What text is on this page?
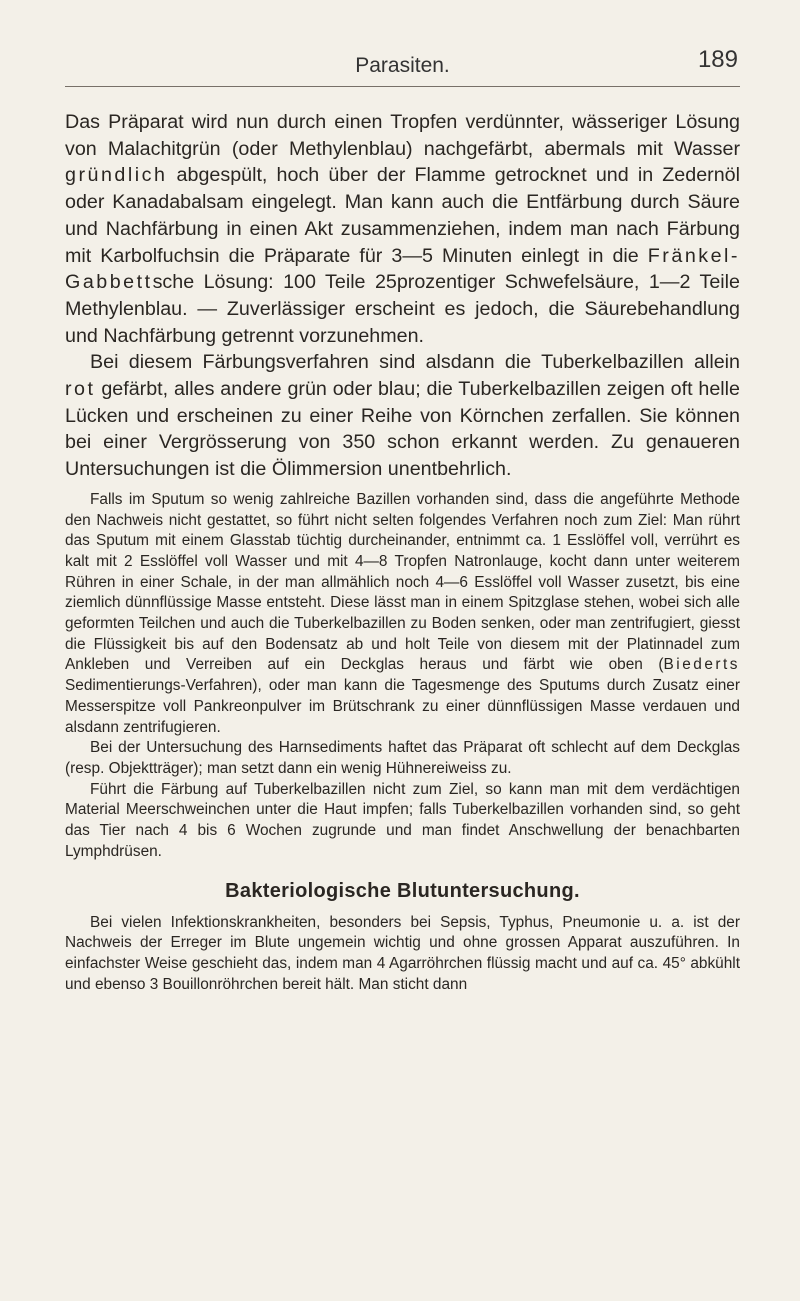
Parasiten.	189

Das Präparat wird nun durch einen Tropfen verdünnter, wässeriger Lösung von Malachitgrün (oder Methylenblau) nachgefärbt, abermals mit Wasser gründlich abgespült, hoch über der Flamme getrocknet und in Zedernöl oder Kanadabalsam eingelegt. Man kann auch die Entfärbung durch Säure und Nachfärbung in einen Akt zusammenziehen, indem man nach Färbung mit Karbolfuchsin die Präparate für 3—5 Minuten einlegt in die Fränkel-Gabbettsche Lösung: 100 Teile 25prozentiger Schwefelsäure, 1—2 Teile Methylenblau. — Zuverlässiger erscheint es jedoch, die Säurebehandlung und Nachfärbung getrennt vorzunehmen.

Bei diesem Färbungsverfahren sind alsdann die Tuberkelbazillen allein rot gefärbt, alles andere grün oder blau; die Tuberkelbazillen zeigen oft helle Lücken und erscheinen zu einer Reihe von Körnchen zerfallen. Sie können bei einer Vergrösserung von 350 schon erkannt werden. Zu genaueren Untersuchungen ist die Ölimmersion unentbehrlich.

Falls im Sputum so wenig zahlreiche Bazillen vorhanden sind, dass die angeführte Methode den Nachweis nicht gestattet, so führt nicht selten folgendes Verfahren noch zum Ziel: Man rührt das Sputum mit einem Glasstab tüchtig durcheinander, entnimmt ca. 1 Esslöffel voll, verrührt es kalt mit 2 Esslöffel voll Wasser und mit 4—8 Tropfen Natronlauge, kocht dann unter weiterem Rühren in einer Schale, in der man allmählich noch 4—6 Esslöffel voll Wasser zusetzt, bis eine ziemlich dünnflüssige Masse entsteht. Diese lässt man in einem Spitzglase stehen, wobei sich alle geformten Teilchen und auch die Tuberkelbazillen zu Boden senken, oder man zentrifugiert, giesst die Flüssigkeit bis auf den Bodensatz ab und holt Teile von diesem mit der Platinnadel zum Ankleben und Verreiben auf ein Deckglas heraus und färbt wie oben (Biederts Sedimentierungs-Verfahren), oder man kann die Tagesmenge des Sputums durch Zusatz einer Messerspitze voll Pankreonpulver im Brütschrank zu einer dünnflüssigen Masse verdauen und alsdann zentrifugieren.

Bei der Untersuchung des Harnsediments haftet das Präparat oft schlecht auf dem Deckglas (resp. Objektträger); man setzt dann ein wenig Hühnereiweiss zu.

Führt die Färbung auf Tuberkelbazillen nicht zum Ziel, so kann man mit dem verdächtigen Material Meerschweinchen unter die Haut impfen; falls Tuberkelbazillen vorhanden sind, so geht das Tier nach 4 bis 6 Wochen zugrunde und man findet Anschwellung der benachbarten Lymphdrüsen.

Bakteriologische Blutuntersuchung.

Bei vielen Infektionskrankheiten, besonders bei Sepsis, Typhus, Pneumonie u. a. ist der Nachweis der Erreger im Blute ungemein wichtig und ohne grossen Apparat auszuführen. In einfachster Weise geschieht das, indem man 4 Agarröhrchen flüssig macht und auf ca. 45° abkühlt und ebenso 3 Bouillonröhrchen bereit hält. Man sticht dann
